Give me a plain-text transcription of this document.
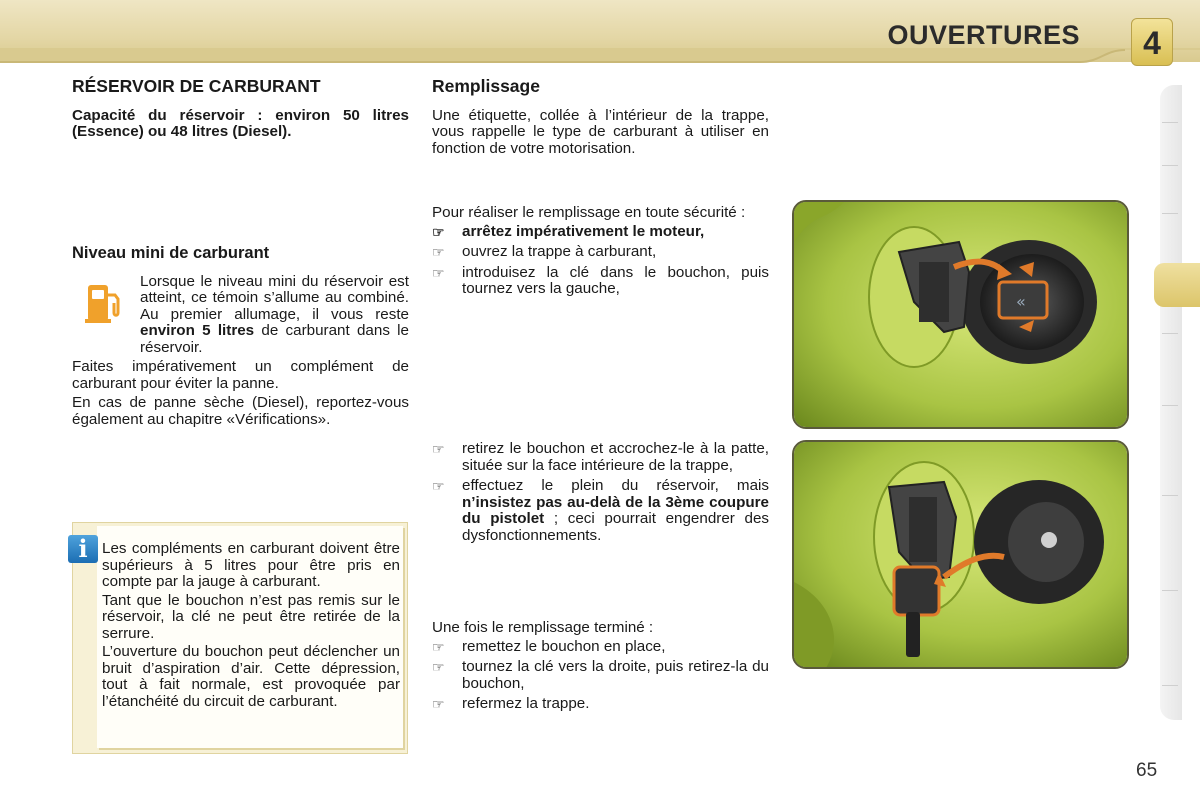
OUVERTURES	4
RÉSERVOIR DE CARBURANT
Capacité du réservoir : environ 50 litres (Essence) ou 48 litres (Diesel).
Niveau mini de carburant
Lorsque le niveau mini du réservoir est atteint, ce témoin s’allume au combiné. Au premier allumage, il vous reste environ 5 litres de carburant dans le réservoir.
Faites impérativement un complément de carburant pour éviter la panne.
En cas de panne sèche (Diesel), reportez-vous également au chapitre «Vérifications».
Les compléments en carburant doivent être supérieurs à 5 litres pour être pris en compte par la jauge à carburant.
Tant que le bouchon n’est pas remis sur le réservoir, la clé ne peut être retirée de la serrure.
L’ouverture du bouchon peut déclencher un bruit d’aspiration d’air. Cette dépression, tout à fait normale, est provoquée par l’étanchéité du circuit de carburant.
i
Remplissage
Une étiquette, collée à l’intérieur de la trappe, vous rappelle le type de carburant à utiliser en fonction de votre motorisation.
Pour réaliser le remplissage en toute sécurité :
☞	arrêtez impérativement le moteur,
☞	ouvrez la trappe à carburant,
☞	introduisez la clé dans le bouchon, puis tournez vers la gauche,
☞	retirez le bouchon et accrochez-le à la patte, située sur la face intérieure de la trappe,
☞	effectuez le plein du réservoir, mais n’insistez pas au-delà de la 3ème coupure du pistolet ; ceci pourrait engendrer des dysfonctionnements.
Une fois le remplissage terminé :
☞	remettez le bouchon en place,
☞	tournez la clé vers la droite, puis retirez-la du bouchon,
☞	refermez la trappe.
«
65
